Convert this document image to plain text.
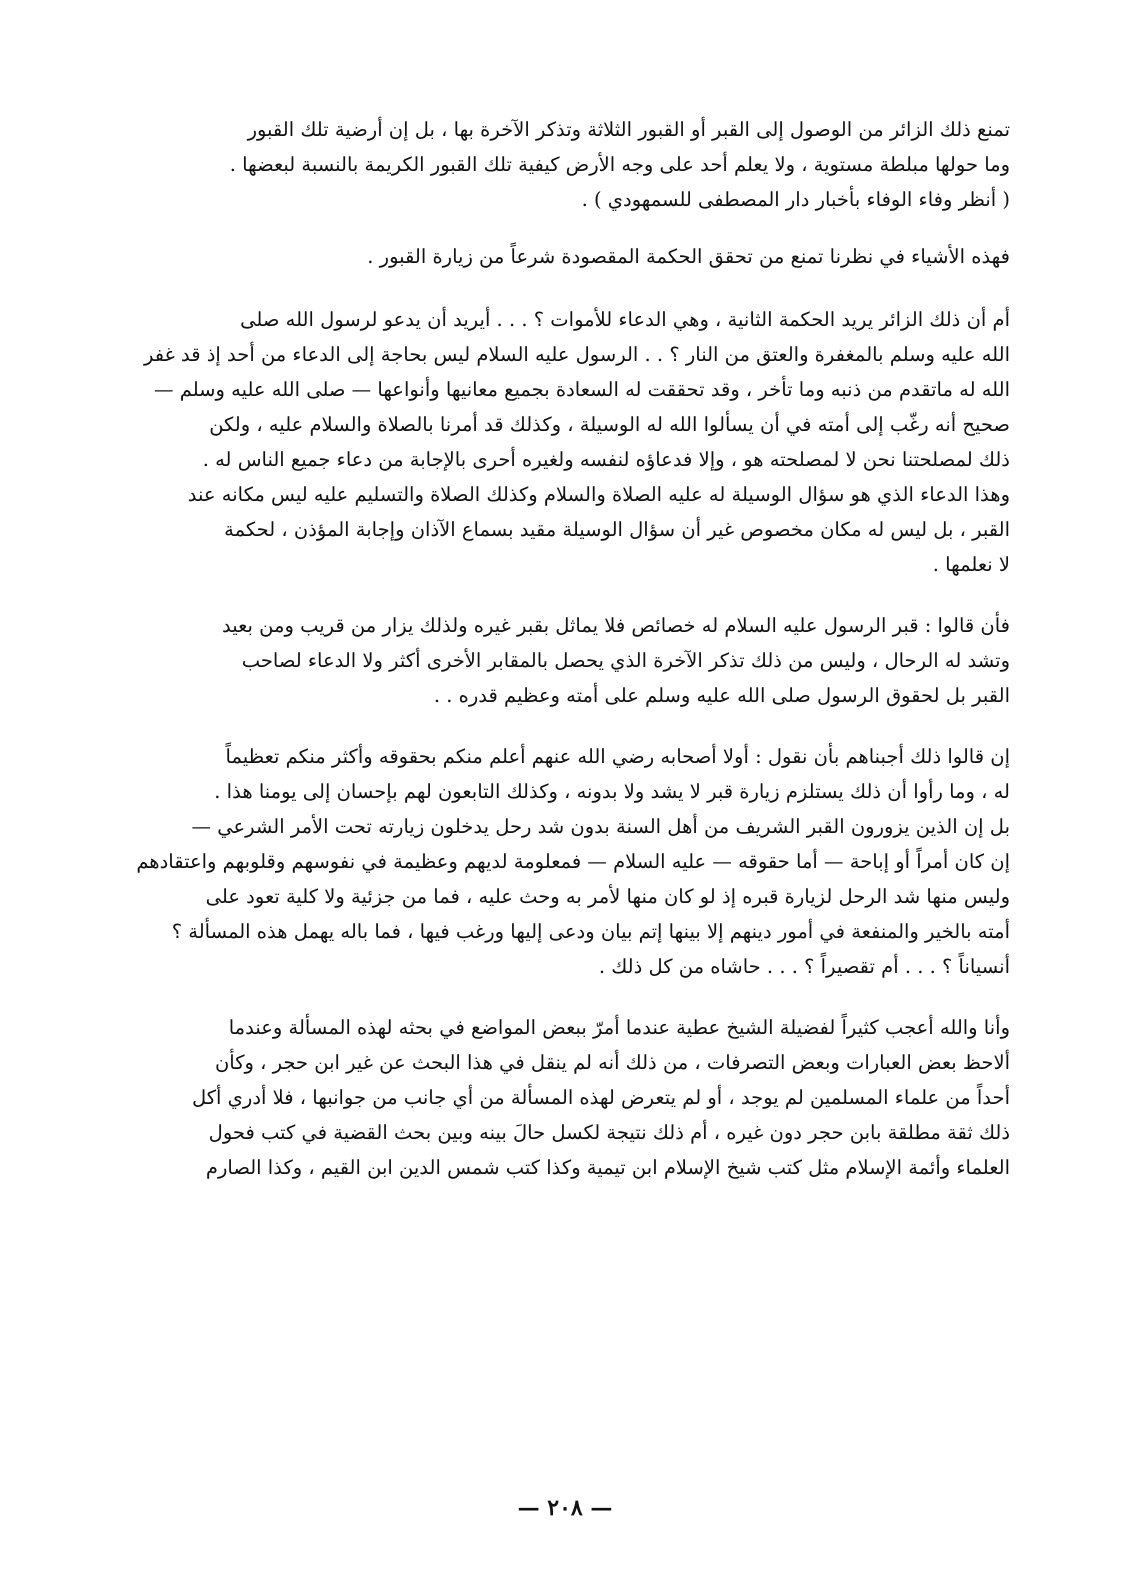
تمنع ذلك الزائر من الوصول إلى القبر أو القبور الثلاثة وتذكر الآخرة بها ، بل إن أرضية تلك القبور
وما حولها مبلطة مستوية ، ولا يعلم أحد على وجه الأرض كيفية تلك القبور الكريمة بالنسبة لبعضها .
( أنظر وفاء الوفاء بأخبار دار المصطفى للسمهودي ) .
فهذه الأشياء في نظرنا تمنع من تحقق الحكمة المقصودة شرعاً من زيارة القبور .
أم أن ذلك الزائر يريد الحكمة الثانية ، وهي الدعاء للأموات ؟ . . . أيريد أن يدعو لرسول الله صلى
الله عليه وسلم بالمغفرة والعتق من النار ؟ . . الرسول عليه السلام ليس بحاجة إلى الدعاء من أحد إذ قد غفر
الله له ماتقدم من ذنبه وما تأخر ، وقد تحققت له السعادة بجميع معانيها وأنواعها — صلى الله عليه وسلم —
صحيح أنه رغّب إلى أمته في أن يسألوا الله له الوسيلة ، وكذلك قد أمرنا بالصلاة والسلام عليه ، ولكن
ذلك لمصلحتنا نحن لا لمصلحته هو ، وإلا فدعاؤه لنفسه ولغيره أحرى بالإجابة من دعاء جميع الناس له .
وهذا الدعاء الذي هو سؤال الوسيلة له عليه الصلاة والسلام وكذلك الصلاة والتسليم عليه ليس مكانه عند
القبر ، بل ليس له مكان مخصوص غير أن سؤال الوسيلة مقيد بسماع الآذان وإجابة المؤذن ، لحكمة
لا نعلمها .
فأن قالوا : قبر الرسول عليه السلام له خصائص فلا يماثل بقبر غيره ولذلك يزار من قريب ومن بعيد
وتشد له الرحال ، وليس من ذلك تذكر الآخرة الذي يحصل بالمقابر الأخرى أكثر ولا الدعاء لصاحب
القبر بل لحقوق الرسول صلى الله عليه وسلم على أمته وعظيم قدره . .
إن قالوا ذلك أجبناهم بأن نقول : أولا أصحابه رضي الله عنهم أعلم منكم بحقوقه وأكثر منكم تعظيماً
له ، وما رأوا أن ذلك يستلزم زيارة قبر لا يشد ولا بدونه ، وكذلك التابعون لهم بإحسان إلى يومنا هذا .
بل إن الذين يزورون القبر الشريف من أهل السنة بدون شد رحل يدخلون زيارته تحت الأمر الشرعي —
إن كان أمراً أو إباحة — أما حقوقه — عليه السلام — فمعلومة لديهم وعظيمة في نفوسهم وقلوبهم واعتقادهم
وليس منها شد الرحل لزيارة قبره إذ لو كان منها لأمر به وحث عليه ، فما من جزئية ولا كلية تعود على
أمته بالخير والمنفعة في أمور دينهم إلا بينها إتم بيان ودعى إليها ورغب فيها ، فما باله يهمل هذه المسألة ؟
أنسياناً ؟ . . . أم تقصيراً ؟ . . . حاشاه من كل ذلك .
وأنا والله أعجب كثيراً لفضيلة الشيخ عطية عندما أمرّ ببعض المواضع في بحثه لهذه المسألة وعندما
ألاحظ بعض العبارات وبعض التصرفات ، من ذلك أنه لم ينقل في هذا البحث عن غير ابن حجر ، وكأن
أحداً من علماء المسلمين لم يوجد ، أو لم يتعرض لهذه المسألة من أي جانب من جوانبها ، فلا أدري أكل
ذلك ثقة مطلقة بابن حجر دون غيره ، أم ذلك نتيجة لكسل حالَ بينه وبين بحث القضية في كتب فحول
العلماء وأئمة الإسلام مثل كتب شيخ الإسلام ابن تيمية وكذا كتب شمس الدين ابن القيم ، وكذا الصارم
— ٢٠٨ —
